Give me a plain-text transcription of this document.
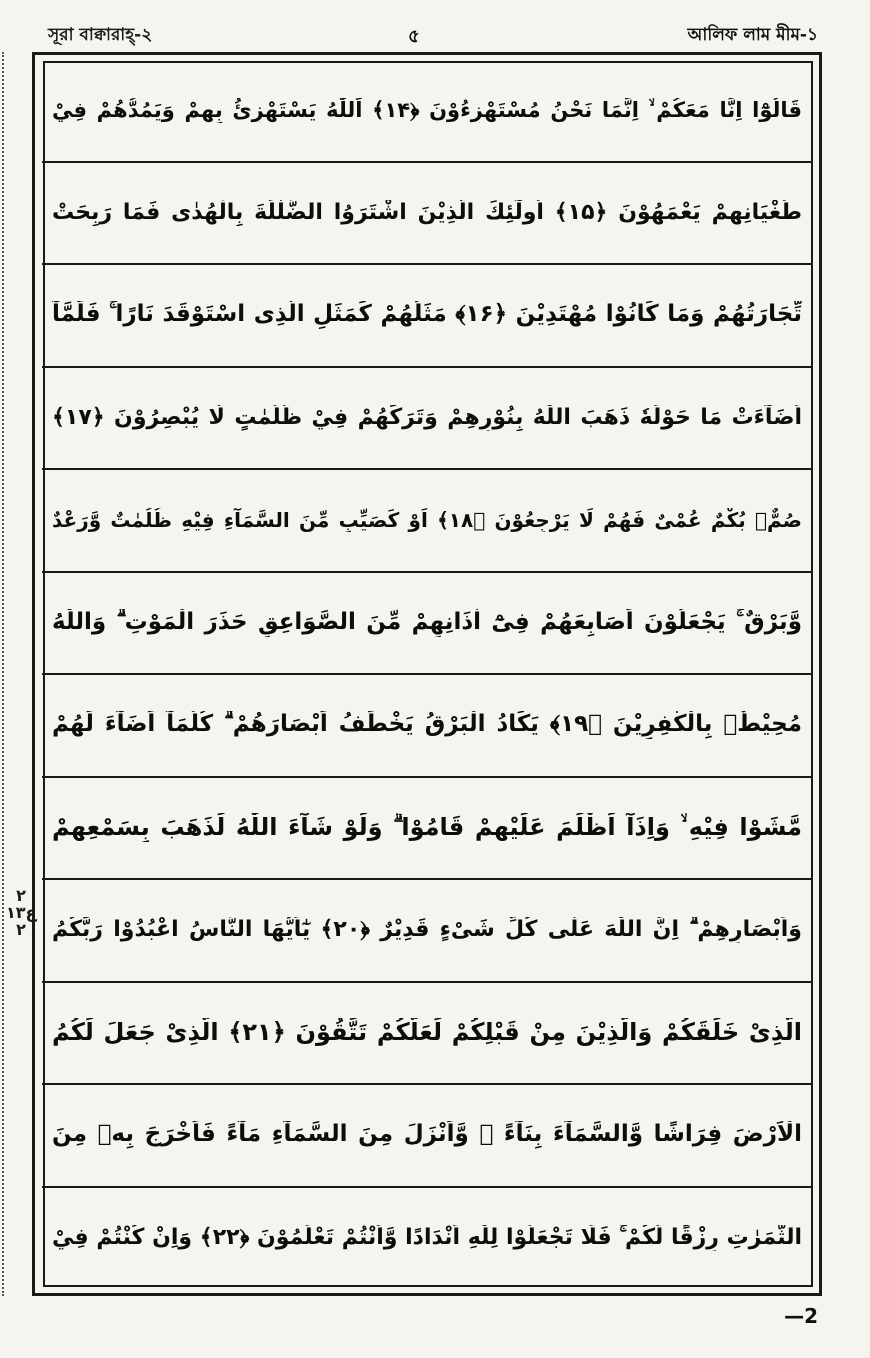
সূরা বাক্বারাহ্-২	৫	আলিফ লাম মীম-১
قَالُوْٓا اِنَّا مَعَكُمْ ۙ اِنَّمَا نَحْنُ مُسْتَهْزِءُوْنَ ﴿۱۴﴾ اَللّٰهُ يَسْتَهْزِئُ بِهِمْ وَيَمُدُّهُمْ فِيْ
طُغْيَانِهِمْ يَعْمَهُوْنَ ﴿۱۵﴾ اُولٰٓئِكَ الَّذِيْنَ اشْتَرَوُا الضَّلٰلَةَ بِالْهُدٰى فَمَا رَبِحَتْ
تِّجَارَتُهُمْ وَمَا كَانُوْا مُهْتَدِيْنَ ﴿۱۶﴾ مَثَلُهُمْ كَمَثَلِ الَّذِى اسْتَوْقَدَ نَارًا ۚ فَلَمَّآ
اَضَآءَتْ مَا حَوْلَهٗ ذَهَبَ اللّٰهُ بِنُوْرِهِمْ وَتَرَكَهُمْ فِيْ ظُلُمٰتٍ لَّا يُبْصِرُوْنَ ﴿۱۷﴾
صُمٌّۢ بُكْمٌ عُمْىٌ فَهُمْ لَا يَرْجِعُوْنَ ﴿۱۸﴾ اَوْ كَصَيِّبٍ مِّنَ السَّمَآءِ فِيْهِ ظُلُمٰتٌ وَّرَعْدٌ
وَّبَرْقٌ ۚ يَجْعَلُوْنَ اَصَابِعَهُمْ فِىْٓ اٰذَانِهِمْ مِّنَ الصَّوَاعِقِ حَذَرَ الْمَوْتِ ۗ وَاللّٰهُ
مُحِيْطٌۢ بِالْكٰفِرِيْنَ ﴿۱۹﴾ يَكَادُ الْبَرْقُ يَخْطَفُ اَبْصَارَهُمْ ۗ كُلَّمَآ اَضَآءَ لَهُمْ
مَّشَوْا فِيْهِ ۙ وَاِذَآ اَظْلَمَ عَلَيْهِمْ قَامُوْا ۗ وَلَوْ شَآءَ اللّٰهُ لَذَهَبَ بِسَمْعِهِمْ
وَاَبْصَارِهِمْ ۗ اِنَّ اللّٰهَ عَلٰى كُلِّ شَىْءٍ قَدِيْرٌ ﴿۲۰﴾ يٰٓاَيُّهَا النَّاسُ اعْبُدُوْا رَبَّكُمُ
الَّذِىْ خَلَقَكُمْ وَالَّذِيْنَ مِنْ قَبْلِكُمْ لَعَلَّكُمْ تَتَّقُوْنَ ﴿۲۱﴾ الَّذِىْ جَعَلَ لَكُمُ
الْاَرْضَ فِرَاشًا وَّالسَّمَآءَ بِنَآءً ۖ وَّاَنْزَلَ مِنَ السَّمَآءِ مَآءً فَاَخْرَجَ بِهٖ مِنَ
الثَّمَرٰتِ رِزْقًا لَّكُمْ ۚ فَلَا تَجْعَلُوْا لِلّٰهِ اَنْدَادًا وَّاَنْتُمْ تَعْلَمُوْنَ ﴿۲۲﴾ وَاِنْ كُنْتُمْ فِيْ
۲
ع۱۳
۲
—2
